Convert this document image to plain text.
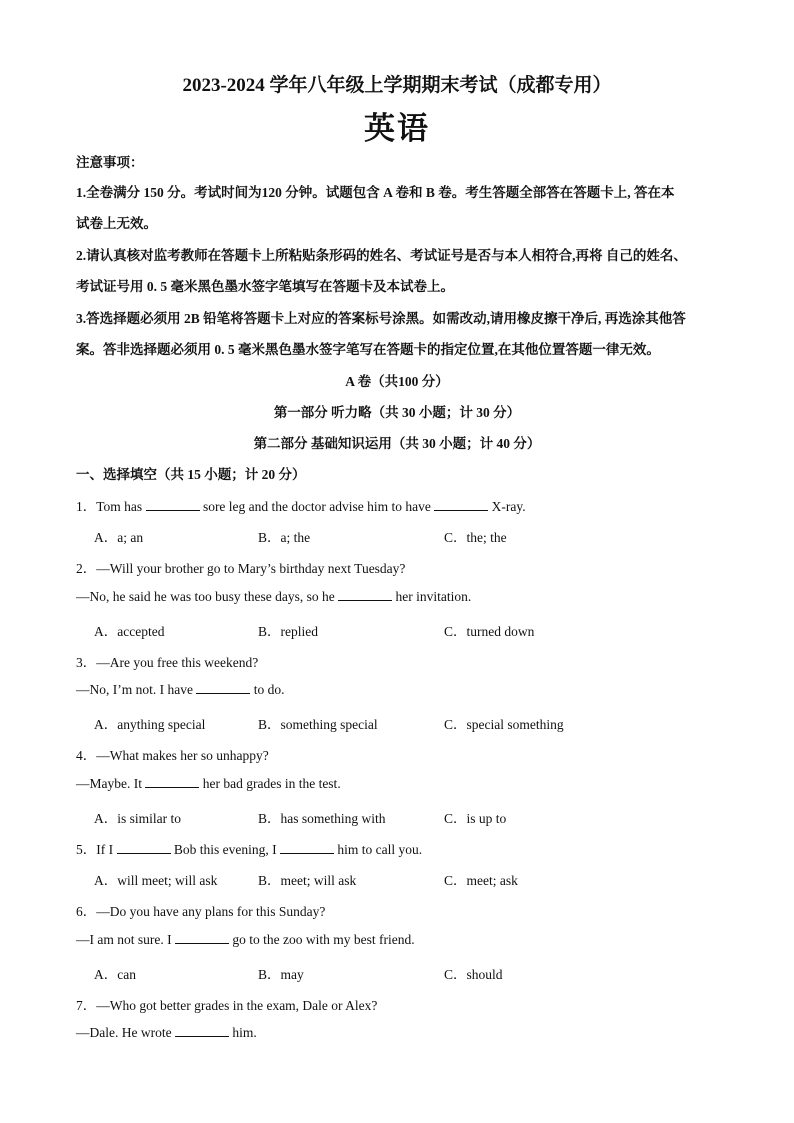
2023-2024 学年八年级上学期期末考试（成都专用）
英语
注意事项：
1.全卷满分 150 分。考试时间为120 分钟。试题包含 A 卷和 B 卷。考生答题全部答在答题卡上, 答在本
试卷上无效。
2.请认真核对监考教师在答题卡上所粘贴条形码的姓名、考试证号是否与本人相符合,再将 自己的姓名、
考试证号用 0. 5 毫米黑色墨水签字笔填写在答题卡及本试卷上。
3.答选择题必须用 2B 铅笔将答题卡上对应的答案标号涂黑。如需改动,请用橡皮擦干净后, 再选涂其他答
案。答非选择题必须用 0. 5 毫米黑色墨水签字笔写在答题卡的指定位置,在其他位置答题一律无效。
A 卷（共100 分）
第一部分 听力略（共 30 小题；计 30 分）
第二部分 基础知识运用（共 30 小题；计 40 分）
一、选择填空（共 15 小题；计 20 分）
1．Tom has	sore leg and the doctor advise him to have	X-ray.
A．a; an	B．a; the	C．the; the
2．—Will your brother go to Mary’s birthday next Tuesday?
—No, he said he was too busy these days, so he	her invitation.
A．accepted	B．replied	C．turned down
3．—Are you free this weekend?
—No, I’m not. I have	to do.
A．anything special	B．something special	C．special something
4．—What makes her so unhappy?
—Maybe. It	her bad grades in the test.
A．is similar to	B．has something with	C．is up to
5．If I	Bob this evening, I	him to call you.
A．will meet; will ask	B．meet; will ask	C．meet; ask
6．—Do you have any plans for this Sunday?
—I am not sure. I	go to the zoo with my best friend.
A．can	B．may	C．should
7．—Who got better grades in the exam, Dale or Alex?
—Dale. He wrote	him.
